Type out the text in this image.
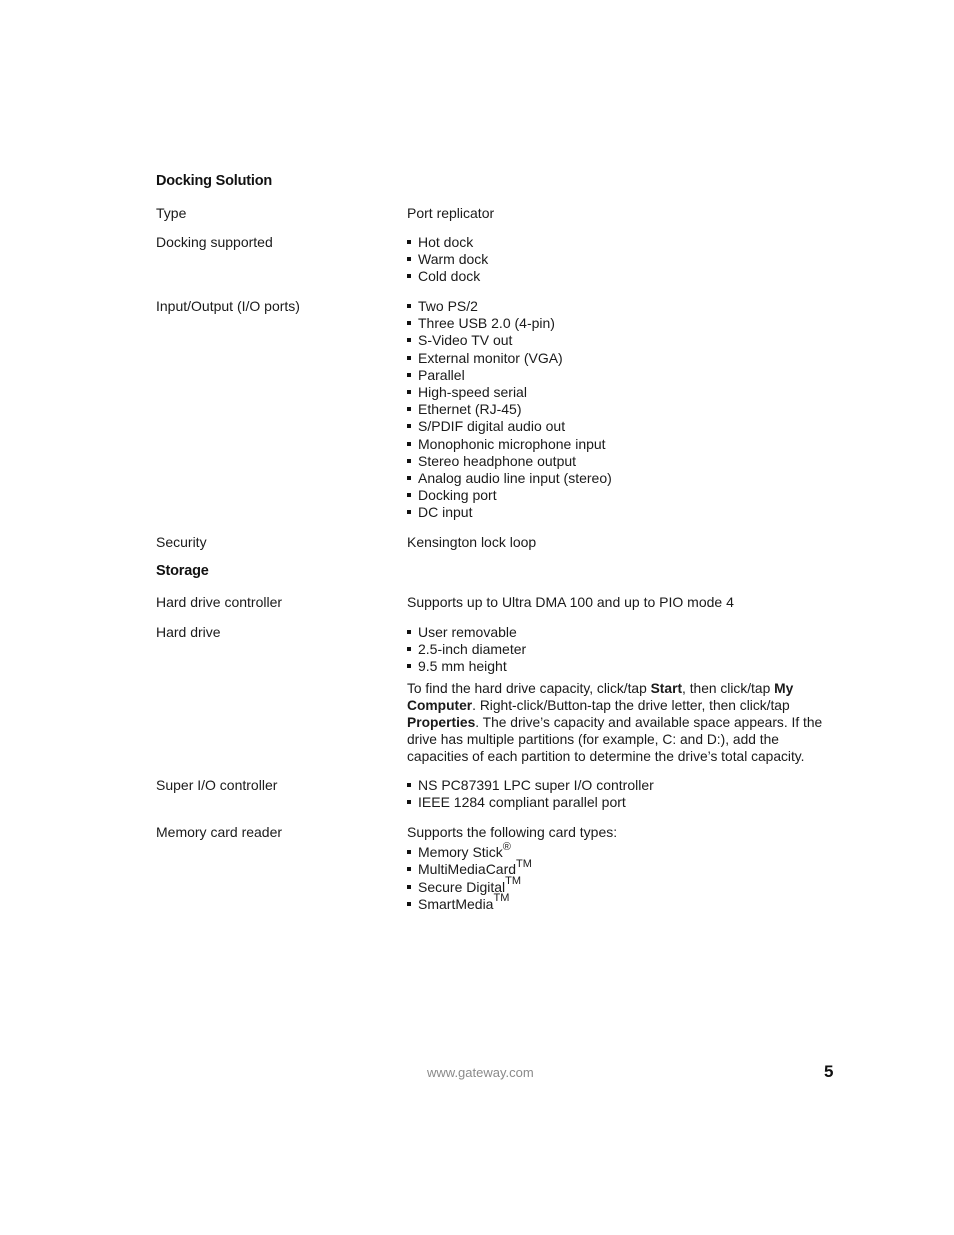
Docking Solution
Type	Port replicator
Docking supported	Hot dock
Warm dock
Cold dock
Input/Output (I/O ports)	Two PS/2
Three USB 2.0 (4-pin)
S-Video TV out
External monitor (VGA)
Parallel
High-speed serial
Ethernet (RJ-45)
S/PDIF digital audio out
Monophonic microphone input
Stereo headphone output
Analog audio line input (stereo)
Docking port
DC input
Security	Kensington lock loop
Storage
Hard drive controller	Supports up to Ultra DMA 100 and up to PIO mode 4
Hard drive	User removable
2.5-inch diameter
9.5 mm height
To find the hard drive capacity, click/tap Start, then click/tap My Computer. Right-click/Button-tap the drive letter, then click/tap Properties. The drive’s capacity and available space appears. If the drive has multiple partitions (for example, C: and D:), add the capacities of each partition to determine the drive’s total capacity.
Super I/O controller	NS PC87391 LPC super I/O controller
IEEE 1284 compliant parallel port
Memory card reader	Supports the following card types:
Memory Stick®
MultiMediaCard™
Secure Digital™
SmartMedia™
www.gateway.com	5
